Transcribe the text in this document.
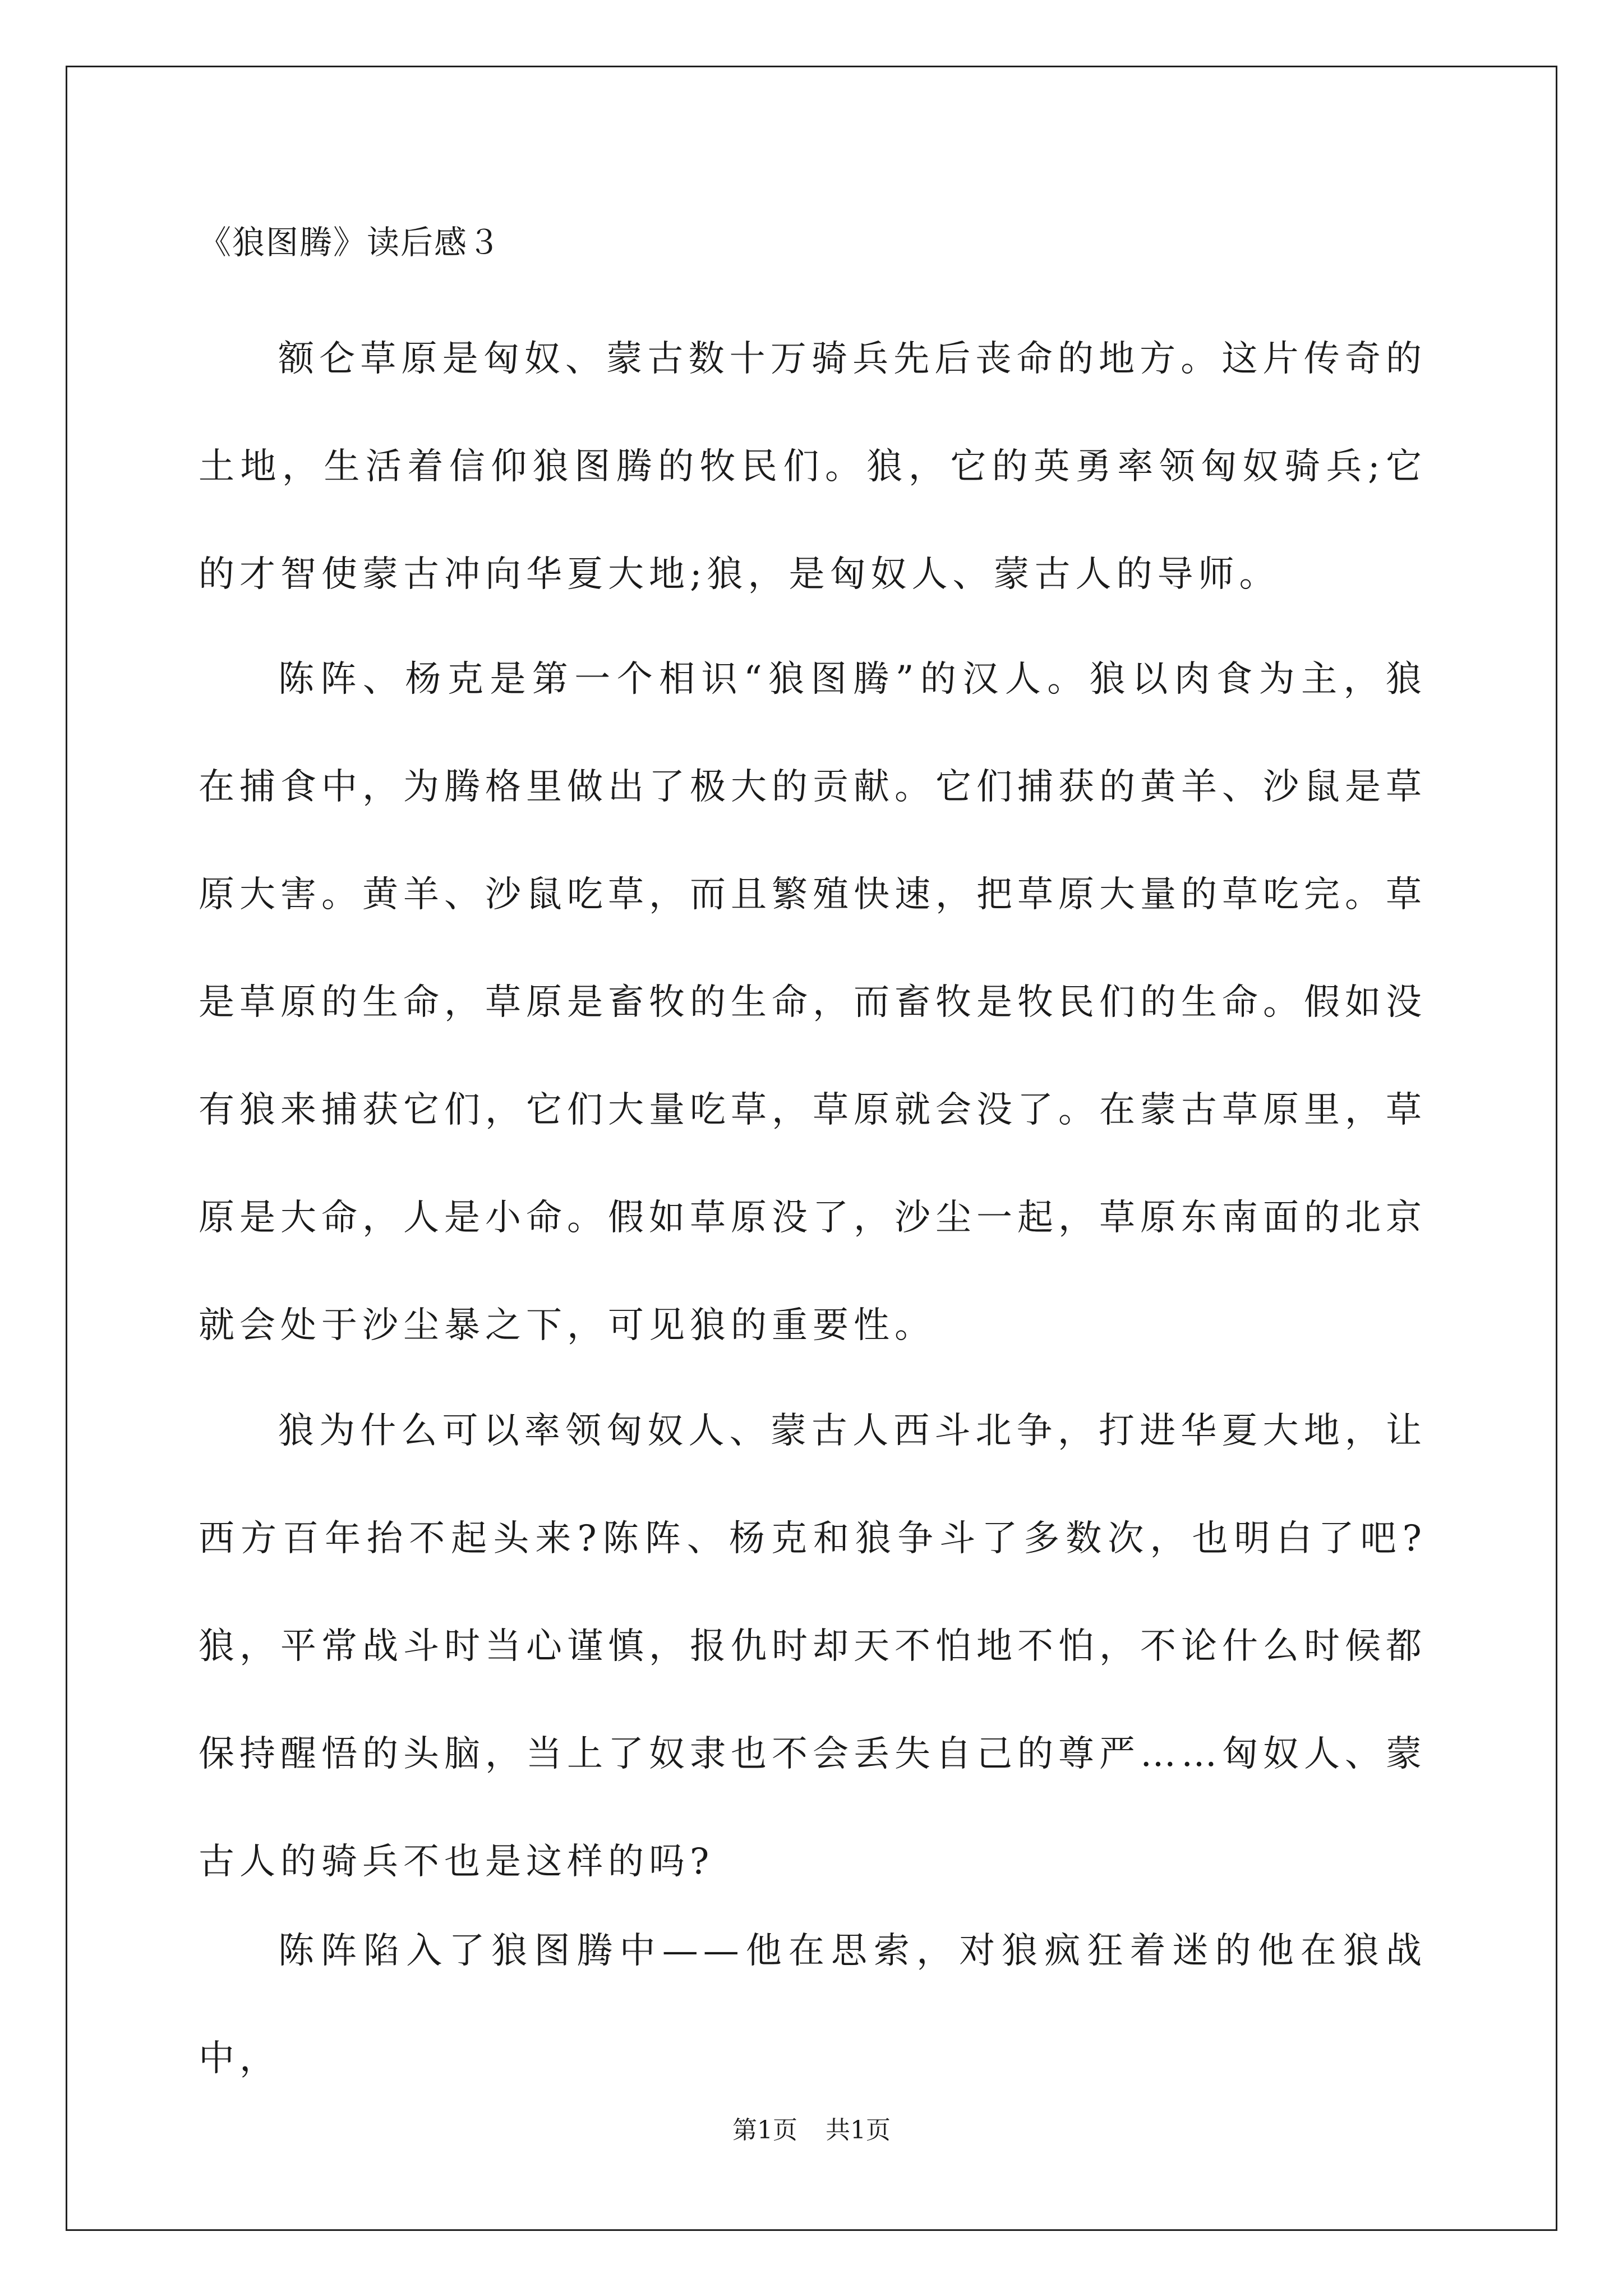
《狼图腾》读后感３

额仑草原是匈奴、蒙古数十万骑兵先后丧命的地方。这片传奇的土地，生活着信仰狼图腾的牧民们。狼，它的英勇率领匈奴骑兵;它的才智使蒙古冲向华夏大地;狼，是匈奴人、蒙古人的导师。

陈阵、杨克是第一个相识“狼图腾”的汉人。狼以肉食为主，狼在捕食中，为腾格里做出了极大的贡献。它们捕获的黄羊、沙鼠是草原大害。黄羊、沙鼠吃草，而且繁殖快速，把草原大量的草吃完。草是草原的生命，草原是畜牧的生命，而畜牧是牧民们的生命。假如没有狼来捕获它们，它们大量吃草，草原就会没了。在蒙古草原里，草原是大命，人是小命。假如草原没了，沙尘一起，草原东南面的北京就会处于沙尘暴之下，可见狼的重要性。

狼为什么可以率领匈奴人、蒙古人西斗北争，打进华夏大地，让西方百年抬不起头来?陈阵、杨克和狼争斗了多数次，也明白了吧?狼，平常战斗时当心谨慎，报仇时却天不怕地不怕，不论什么时候都保持醒悟的头脑，当上了奴隶也不会丢失自己的尊严……匈奴人、蒙古人的骑兵不也是这样的吗?

陈阵陷入了狼图腾中——他在思索，对狼疯狂着迷的他在狼战中，

第1页 共1页
